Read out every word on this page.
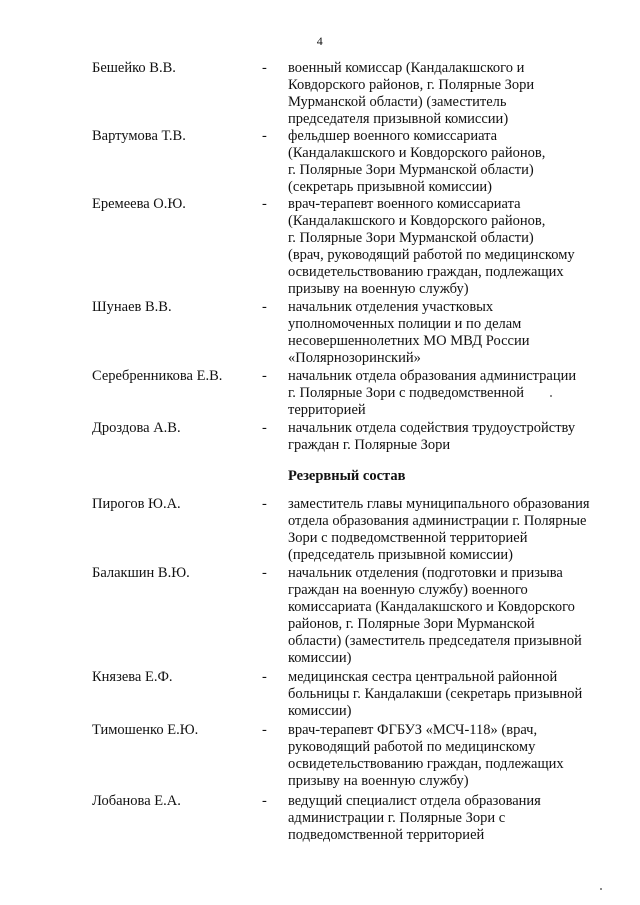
4
Бешейко В.В.	- военный комиссар (Кандалакшского и
Ковдорского районов, г. Полярные Зори
Мурманской области) (заместитель
председателя призывной комиссии)
Вартумова Т.В.	- фельдшер военного комиссариата
(Кандалакшского и Ковдорского районов,
г. Полярные Зори Мурманской области)
(секретарь призывной комиссии)
Еремеева О.Ю.	- врач-терапевт военного комиссариата
(Кандалакшского и Ковдорского районов,
г. Полярные Зори Мурманской области)
(врач, руководящий работой по медицинскому
освидетельствованию граждан, подлежащих
призыву на военную службу)
Шунаев В.В.	- начальник отделения участковых
уполномоченных полиции и по делам
несовершеннолетних МО МВД России
«Полярнозоринский»
Серебренникова Е.В.	- начальник отдела образования администрации
г. Полярные Зори с подведомственной
территорией
Дроздова А.В.	- начальник отдела содействия трудоустройству
граждан г. Полярные Зори
Резервный состав
Пирогов Ю.А.	- заместитель главы муниципального образования
отдела образования администрации г. Полярные
Зори с подведомственной территорией
(председатель призывной комиссии)
Балакшин В.Ю.	- начальник отделения (подготовки и призыва
граждан на военную службу) военного
комиссариата (Кандалакшского и Ковдорского
районов, г. Полярные Зори Мурманской
области) (заместитель председателя призывной
комиссии)
Князева Е.Ф.	- медицинская сестра центральной районной
больницы г. Кандалакши (секретарь призывной
комиссии)
Тимошенко Е.Ю.	- врач-терапевт ФГБУЗ «МСЧ-118» (врач,
руководящий работой по медицинскому
освидетельствованию граждан, подлежащих
призыву на военную службу)
Лобанова Е.А.	- ведущий специалист отдела образования
администрации г. Полярные Зори с
подведомственной территорией
